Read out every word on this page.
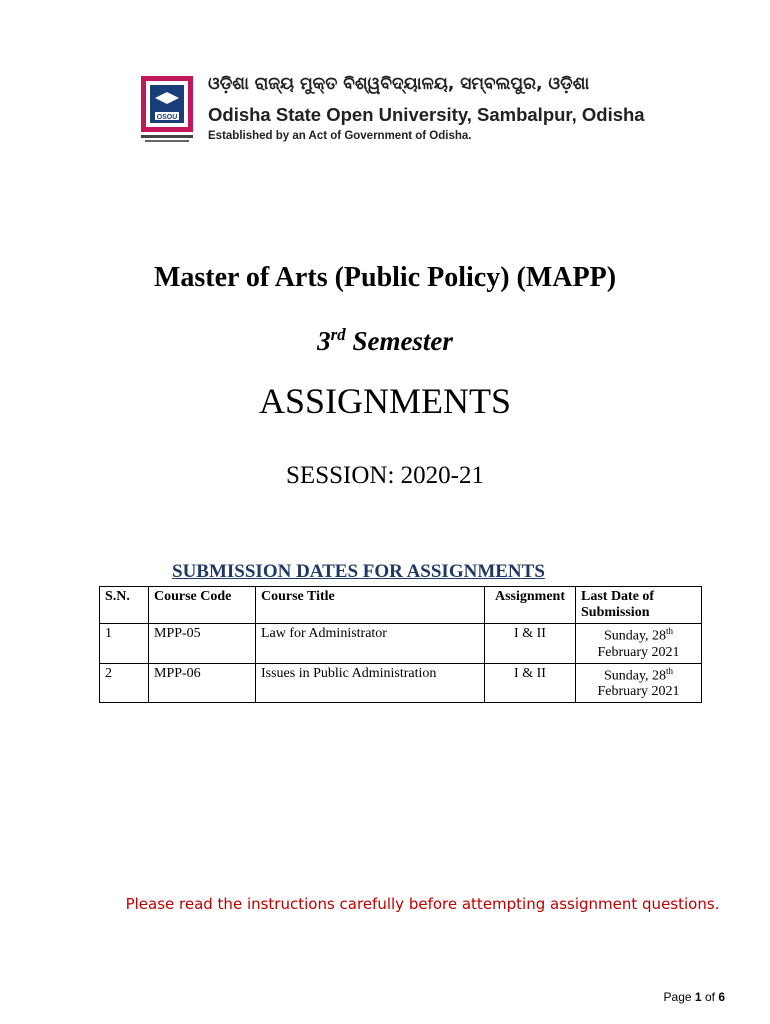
OSOU
ଓଡ଼ିଶା ରାଜ୍ୟ ମୁକ୍ତ ବିଶ୍ୱବିଦ୍ୟାଳୟ, ସମ୍ବଲପୁର, ଓଡ଼ିଶା
Odisha State Open University, Sambalpur, Odisha
Established by an Act of Government of Odisha.
Master of Arts (Public Policy) (MAPP)
3rd Semester
ASSIGNMENTS
SESSION: 2020-21
SUBMISSION DATES FOR ASSIGNMENTS
S.N.	Course Code	Course Title	Assignment	Last Date of Submission
1	MPP-05	Law for Administrator	I & II	Sunday, 28th
February 2021
2	MPP-06	Issues in Public Administration	I & II	Sunday, 28th
February 2021
Please read the instructions carefully before attempting assignment questions.
Page 1 of 6
